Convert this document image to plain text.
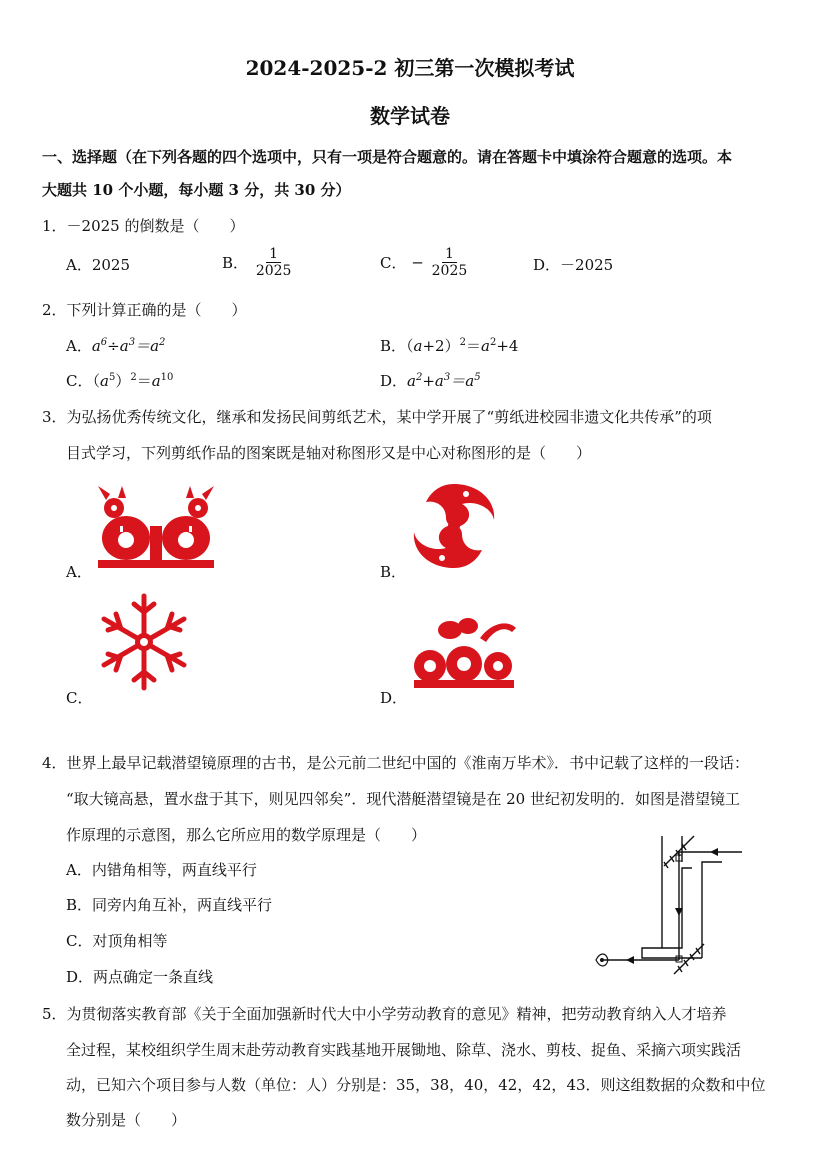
2024-2025-2 初三第一次模拟考试
数学试卷
一、选择题（在下列各题的四个选项中，只有一项是符合题意的。请在答题卡中填涂符合题意的选项。本
大题共 10 个小题，每小题 3 分，共 30 分）
1．－2025 的倒数是（　　）
A．2025	B． $\frac{1}{2025}$	C． − $\frac{1}{2025}$	D．－2025
2．下列计算正确的是（　　）
A．$a^6\div a^3=a^2$	B．$(a+2)^2=a^2+4$
C．$(a^5)^2=a^{10}$	D．$a^2+a^3=a^5$
3．为弘扬优秀传统文化，继承和发扬民间剪纸艺术，某中学开展了“剪纸进校园非遗文化共传承”的项
目式学习，下列剪纸作品的图案既是轴对称图形又是中心对称图形的是（　　）
A．	B．
C．	D．
4．世界上最早记载潜望镜原理的古书，是公元前二世纪中国的《淮南万毕术》．书中记载了这样的一段话：
“取大镜高悬，置水盘于其下，则见四邻矣”．现代潜艇潜望镜是在 20 世纪初发明的．如图是潜望镜工
作原理的示意图，那么它所应用的数学原理是（　　）
A．内错角相等，两直线平行
B．同旁内角互补，两直线平行
C．对顶角相等
D．两点确定一条直线
5．为贯彻落实教育部《关于全面加强新时代大中小学劳动教育的意见》精神，把劳动教育纳入人才培养
全过程，某校组织学生周末赴劳动教育实践基地开展锄地、除草、浇水、剪枝、捉鱼、采摘六项实践活
动，已知六个项目参与人数（单位：人）分别是：35，38，40，42，42，43．则这组数据的众数和中位
数分别是（　　）
